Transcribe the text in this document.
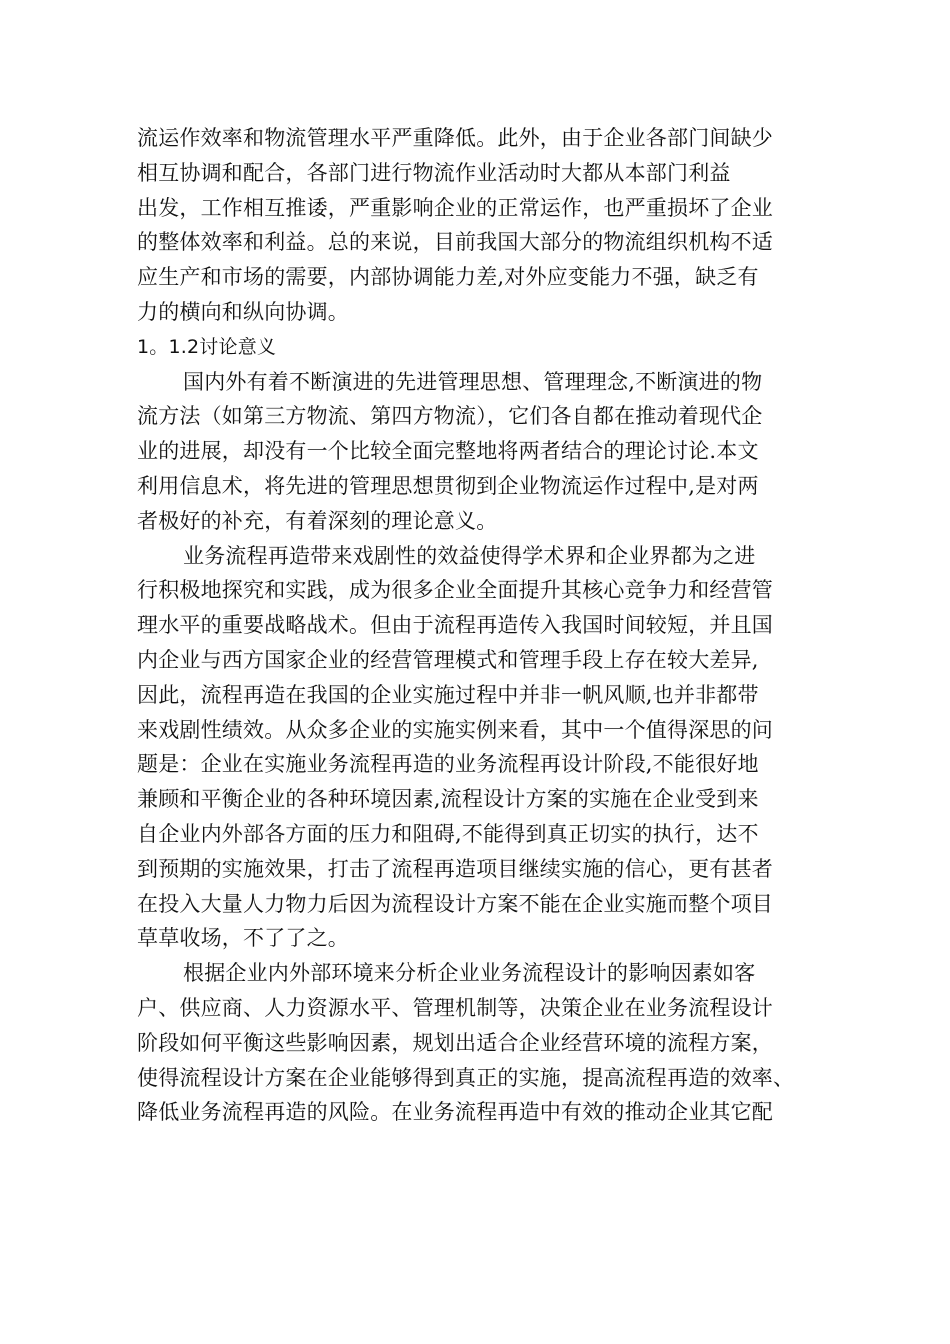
流运作效率和物流管理水平严重降低。此外，由于企业各部门间缺少
相互协调和配合，各部门进行物流作业活动时大都从本部门利益
出发，工作相互推诿，严重影响企业的正常运作，也严重损坏了企业
的整体效率和利益。总的来说，目前我国大部分的物流组织机构不适
应生产和市场的需要，内部协调能力差,对外应变能力不强，缺乏有
力的横向和纵向协调。
1。1.2讨论意义
国内外有着不断演进的先进管理思想、管理理念,不断演进的物
流方法（如第三方物流、第四方物流），它们各自都在推动着现代企
业的进展，却没有一个比较全面完整地将两者结合的理论讨论.本文
利用信息术，将先进的管理思想贯彻到企业物流运作过程中,是对两
者极好的补充，有着深刻的理论意义。
业务流程再造带来戏剧性的效益使得学术界和企业界都为之进
行积极地探究和实践，成为很多企业全面提升其核心竞争力和经营管
理水平的重要战略战术。但由于流程再造传入我国时间较短，并且国
内企业与西方国家企业的经营管理模式和管理手段上存在较大差异,
因此，流程再造在我国的企业实施过程中并非一帆风顺,也并非都带
来戏剧性绩效。从众多企业的实施实例来看，其中一个值得深思的问
题是：企业在实施业务流程再造的业务流程再设计阶段,不能很好地
兼顾和平衡企业的各种环境因素,流程设计方案的实施在企业受到来
自企业内外部各方面的压力和阻碍,不能得到真正切实的执行，达不
到预期的实施效果，打击了流程再造项目继续实施的信心，更有甚者
在投入大量人力物力后因为流程设计方案不能在企业实施而整个项目
草草收场，不了了之。
根据企业内外部环境来分析企业业务流程设计的影响因素如客
户、供应商、人力资源水平、管理机制等，决策企业在业务流程设计
阶段如何平衡这些影响因素，规划出适合企业经营环境的流程方案，
使得流程设计方案在企业能够得到真正的实施，提高流程再造的效率、
降低业务流程再造的风险。在业务流程再造中有效的推动企业其它配
